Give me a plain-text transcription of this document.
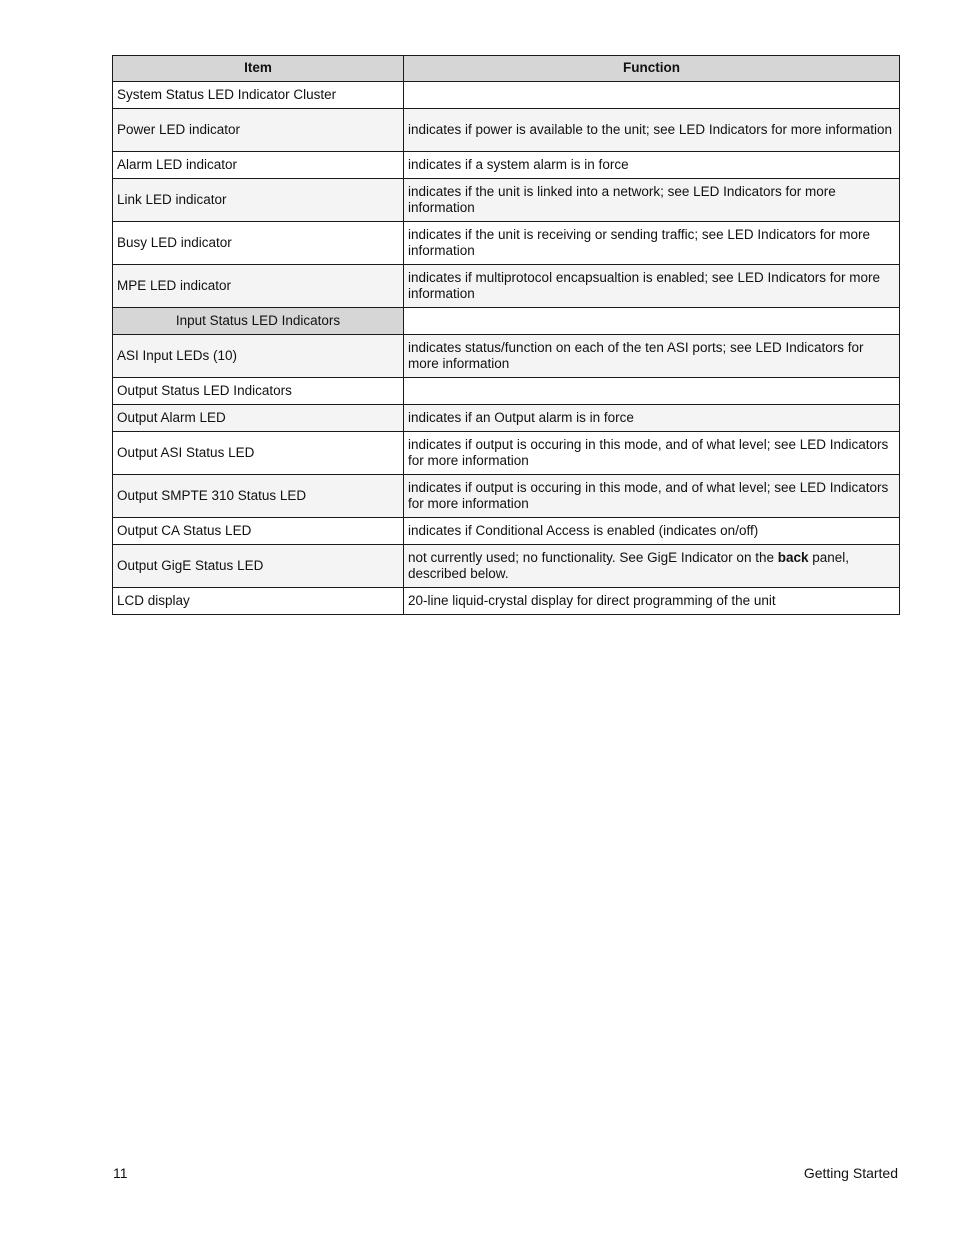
Item	Function
System Status LED Indicator Cluster	
Power LED indicator	indicates if power is available to the unit; see LED Indicators for more information
Alarm LED indicator	indicates if a system alarm is in force
Link LED indicator	indicates if the unit is linked into a network; see LED Indicators for more information
Busy LED indicator	indicates if the unit is receiving or sending traffic; see LED Indicators for more information
MPE LED indicator	indicates if multiprotocol encapsualtion is enabled; see LED Indicators for more information
Input Status LED Indicators	
ASI Input LEDs (10)	indicates status/function on each of the ten ASI ports; see LED Indicators for more information
Output Status LED Indicators	
Output Alarm LED	indicates if an Output alarm is in force
Output ASI Status LED	indicates if output is occuring in this mode, and of what level; see LED Indicators for more information
Output SMPTE 310 Status LED	indicates if output is occuring in this mode, and of what level; see LED Indicators for more information
Output CA Status LED	indicates if Conditional Access is enabled (indicates on/off)
Output GigE Status LED	not currently used; no functionality. See GigE Indicator on the back panel, described below.
LCD display	20-line liquid-crystal display for direct programming of the unit
11	Getting Started
